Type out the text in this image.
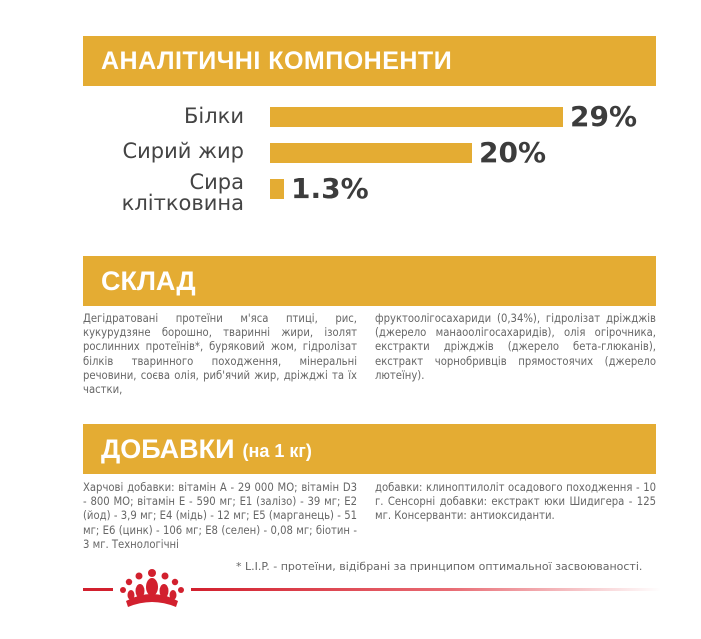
АНАЛІТИЧНІ КОМПОНЕНТИ
Білки	29%
Сирий жир	20%
Сира
клітковина 1.3%
СКЛАД
Дегідратовані протеїни м'яса птиці, рис, кукурудзяне борошно, тваринні жири, ізолят рослинних протеїнів*, буряковий жом, гідролізат білків тваринного походження, мінеральні речовини, соєва олія, риб'ячий жир, дріжджі та їх частки,
фруктоолігосахариди (0,34%), гідролізат дріжджів (джерело манаоолігосахаридів), олія огірочника, екстракти дріжджів (джерело бета-глюканів), екстракт чорнобривців прямостоячих (джерело лютеїну).
ДОБАВКИ (на 1 кг)
Харчові добавки: вітамін А - 29 000 МО; вітамін D3 - 800 МО; вітамін Е - 590 мг; Е1 (залізо) - 39 мг; Е2 (йод) - 3,9 мг; Е4 (мідь) - 12 мг; Е5 (марганець) - 51 мг; Е6 (цинк) - 106 мг; Е8 (селен) - 0,08 мг; біотин - 3 мг. Технологічні
добавки: клиноптилоліт осадового походження - 10 г. Сенсорні добавки: екстракт юки Шидигера - 125 мг. Консерванти: антиоксиданти.
* L.I.P. - протеїни, відібрані за принципом оптимальної засвоюваності.
